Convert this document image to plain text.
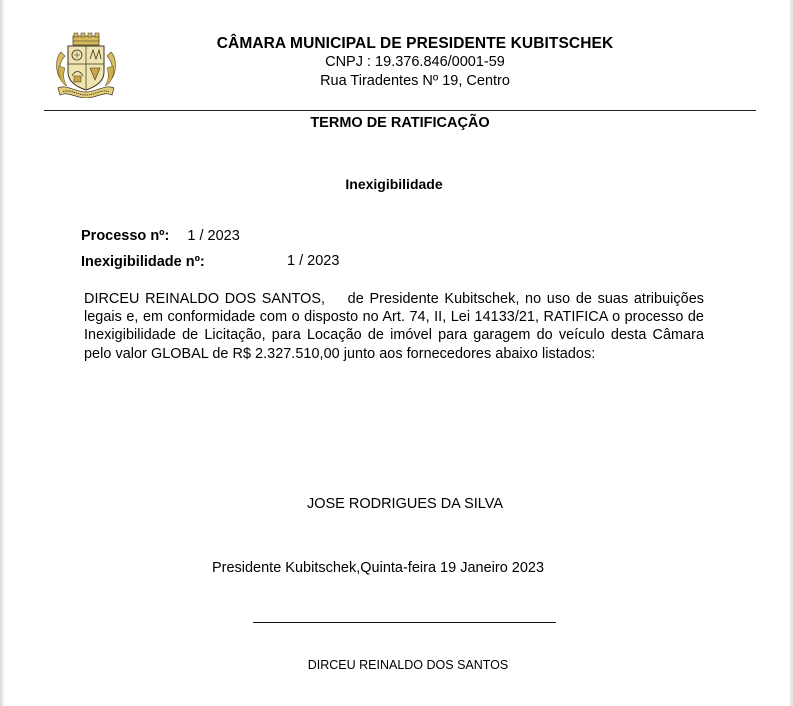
CÂMARA MUNICIPAL DE PRESIDENTE KUBITSCHEK
CNPJ : 19.376.846/0001-59
Rua Tiradentes Nº 19, Centro
TERMO DE RATIFICAÇÃO
Inexigibilidade
Processo nº: 1 / 2023
Inexigibilidade nº:	1 / 2023
DIRCEU REINALDO DOS SANTOS,    de Presidente Kubitschek, no uso de suas atribuições legais e, em conformidade com o disposto no Art. 74, II, Lei 14133/21, RATIFICA o processo de Inexigibilidade de Licitação, para Locação de imóvel para garagem do veículo desta Câmara pelo valor GLOBAL de R$ 2.327.510,00 junto aos fornecedores abaixo listados:
JOSE RODRIGUES DA SILVA
Presidente Kubitschek,Quinta-feira 19 Janeiro 2023
DIRCEU REINALDO DOS SANTOS
